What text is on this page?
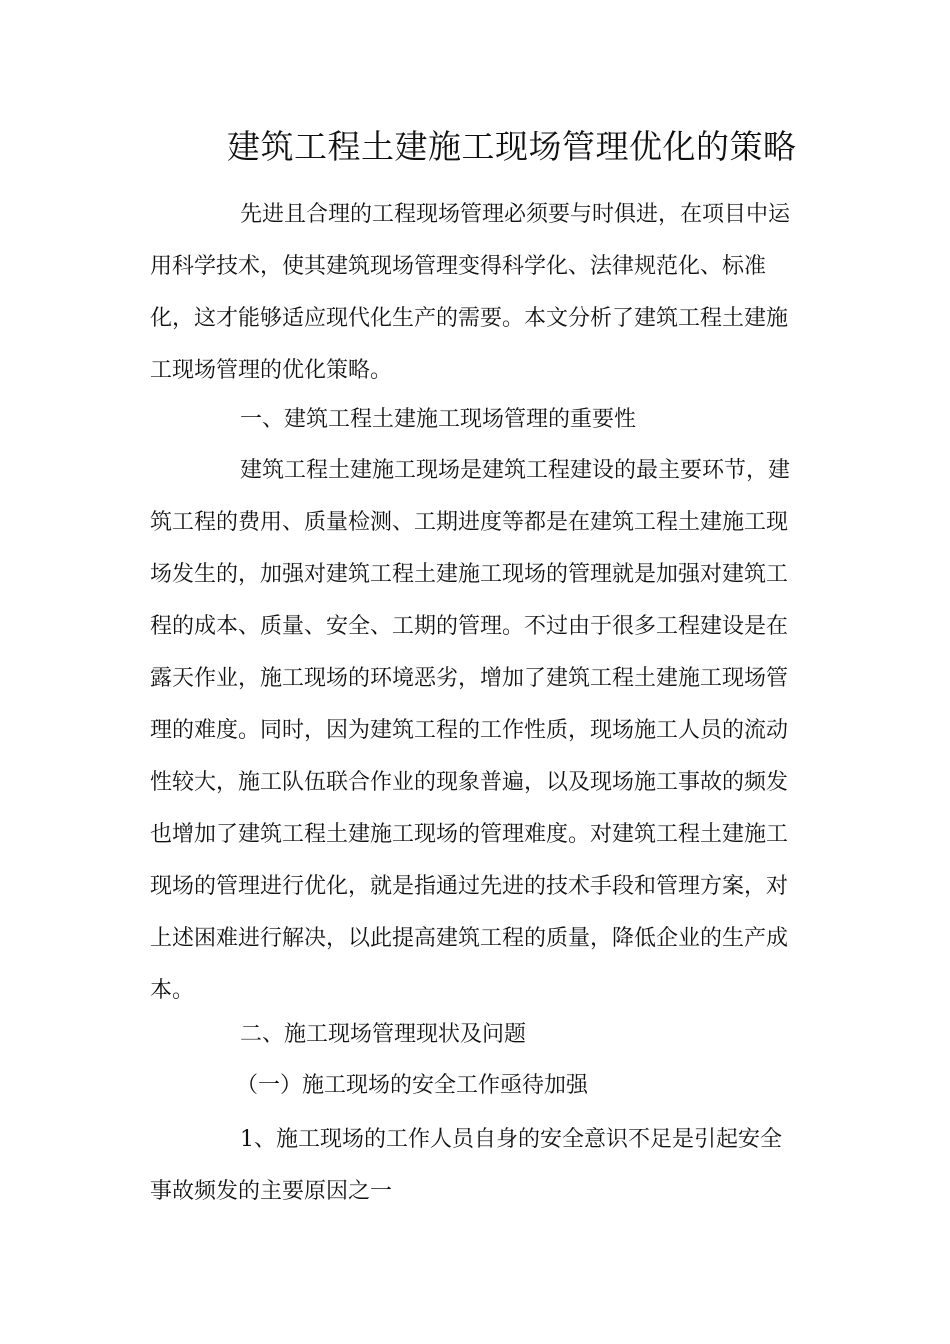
建筑工程土建施工现场管理优化的策略
先进且合理的工程现场管理必须要与时俱进，在项目中运
用科学技术，使其建筑现场管理变得科学化、法律规范化、标准
化，这才能够适应现代化生产的需要。本文分析了建筑工程土建施
工现场管理的优化策略。
一、建筑工程土建施工现场管理的重要性
建筑工程土建施工现场是建筑工程建设的最主要环节，建
筑工程的费用、质量检测、工期进度等都是在建筑工程土建施工现
场发生的，加强对建筑工程土建施工现场的管理就是加强对建筑工
程的成本、质量、安全、工期的管理。不过由于很多工程建设是在
露天作业，施工现场的环境恶劣，增加了建筑工程土建施工现场管
理的难度。同时，因为建筑工程的工作性质，现场施工人员的流动
性较大，施工队伍联合作业的现象普遍，以及现场施工事故的频发
也增加了建筑工程土建施工现场的管理难度。对建筑工程土建施工
现场的管理进行优化，就是指通过先进的技术手段和管理方案，对
上述困难进行解决，以此提高建筑工程的质量，降低企业的生产成
本。
二、施工现场管理现状及问题
（一）施工现场的安全工作亟待加强
1、施工现场的工作人员自身的安全意识不足是引起安全
事故频发的主要原因之一
